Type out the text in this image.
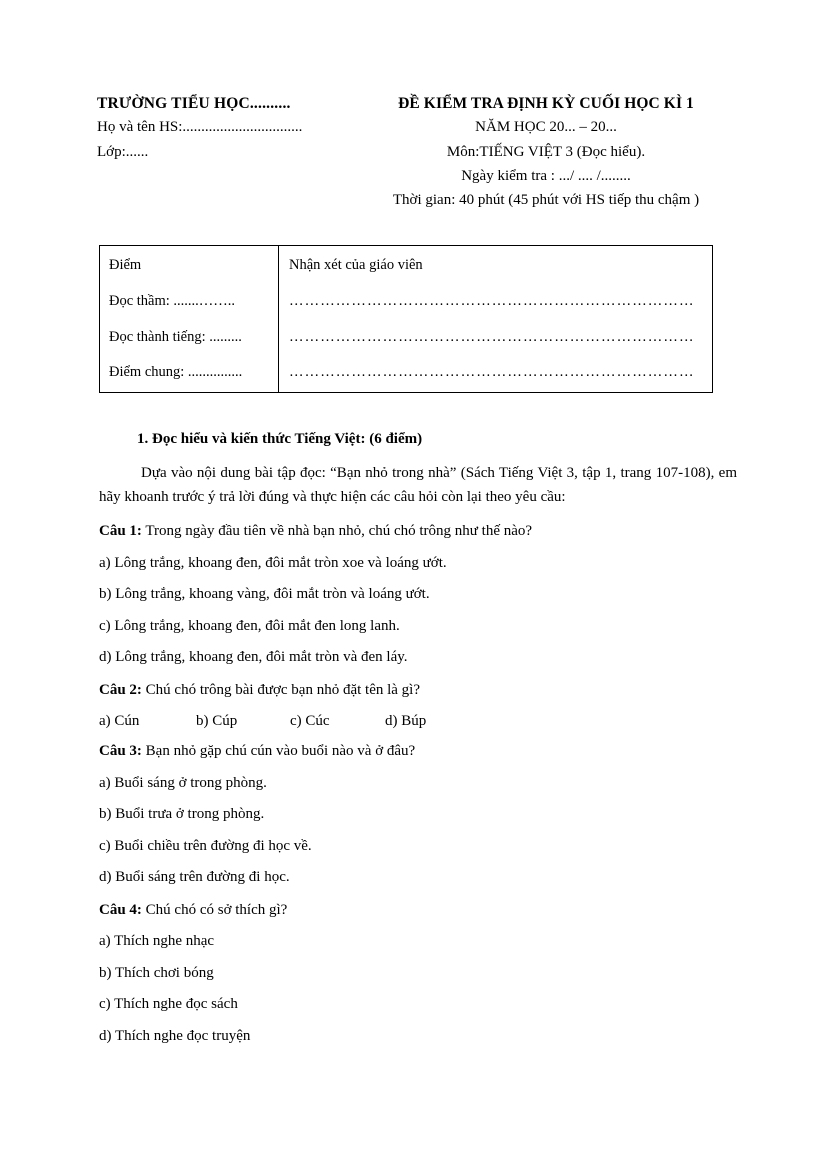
TRƯỜNG TIỂU HỌC..........
Họ và tên HS:................................
Lớp:......
ĐỀ KIỂM TRA ĐỊNH KỲ CUỐI HỌC KÌ 1
NĂM HỌC 20... – 20...
Môn:TIẾNG VIỆT 3 (Đọc hiểu).
Ngày kiểm tra : .../ .... /........
Thời gian: 40 phút (45 phút với HS tiếp thu chậm )
Điểm
Đọc thầm: .......……..
Đọc thành tiếng: .........
Điểm chung: ...............
Nhận xét của giáo viên
……………………………………………………………………
……………………………………………………………………
……………………………………………………………………
1. Đọc hiểu và kiến thức Tiếng Việt: (6 điểm)

Dựa vào nội dung bài tập đọc: “Bạn nhỏ trong nhà” (Sách Tiếng Việt 3, tập 1, trang 107-108), em hãy khoanh trước ý trả lời đúng và thực hiện các câu hỏi còn lại theo yêu cầu:

Câu 1: Trong ngày đầu tiên về nhà bạn nhỏ, chú chó trông như thế nào?
a) Lông trắng, khoang đen, đôi mắt tròn xoe và loáng ướt.
b) Lông trắng, khoang vàng, đôi mắt tròn và loáng ướt.
c) Lông trắng, khoang đen, đôi mắt đen long lanh.
d) Lông trắng, khoang đen, đôi mắt tròn và đen láy.
Câu 2: Chú chó trông bài được bạn nhỏ đặt tên là gì?
a) Cún	b) Cúp	c) Cúc	d) Búp
Câu 3: Bạn nhỏ gặp chú cún vào buổi nào và ở đâu?
a) Buổi sáng ở trong phòng.
b) Buổi trưa ở trong phòng.
c) Buổi chiều trên đường đi học về.
d) Buổi sáng trên đường đi học.
Câu 4: Chú chó có sở thích gì?
a) Thích nghe nhạc
b) Thích chơi bóng
c) Thích nghe đọc sách
d) Thích nghe đọc truyện
